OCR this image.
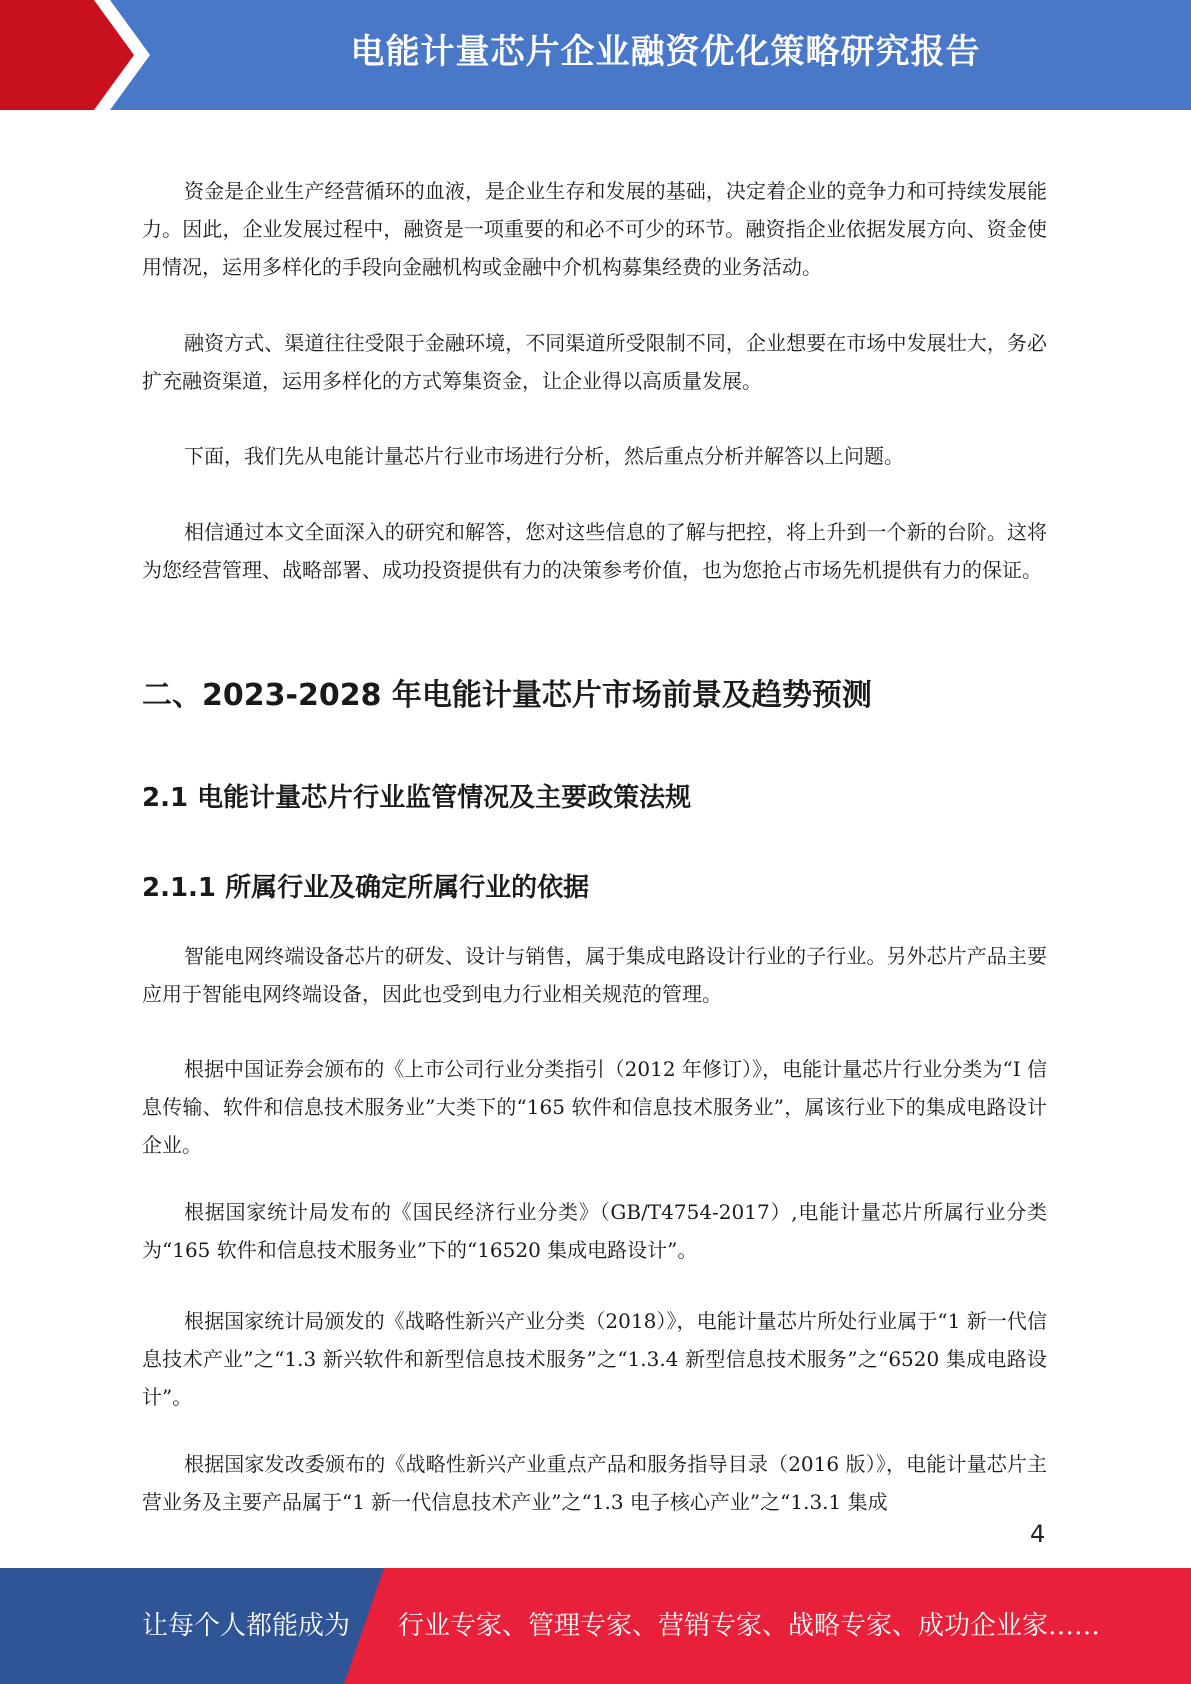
电能计量芯片企业融资优化策略研究报告

资金是企业生产经营循环的血液，是企业生存和发展的基础，决定着企业的竞争力和可持续发展能力。因此，企业发展过程中，融资是一项重要的和必不可少的环节。融资指企业依据发展方向、资金使用情况，运用多样化的手段向金融机构或金融中介机构募集经费的业务活动。

融资方式、渠道往往受限于金融环境，不同渠道所受限制不同，企业想要在市场中发展壮大，务必扩充融资渠道，运用多样化的方式筹集资金，让企业得以高质量发展。

下面，我们先从电能计量芯片行业市场进行分析，然后重点分析并解答以上问题。

相信通过本文全面深入的研究和解答，您对这些信息的了解与把控，将上升到一个新的台阶。这将为您经营管理、战略部署、成功投资提供有力的决策参考价值，也为您抢占市场先机提供有力的保证。

二、2023-2028 年电能计量芯片市场前景及趋势预测
2.1 电能计量芯片行业监管情况及主要政策法规
2.1.1 所属行业及确定所属行业的依据

智能电网终端设备芯片的研发、设计与销售，属于集成电路设计行业的子行业。另外芯片产品主要应用于智能电网终端设备，因此也受到电力行业相关规范的管理。

根据中国证券会颁布的《上市公司行业分类指引（2012 年修订）》，电能计量芯片行业分类为“I 信息传输、软件和信息技术服务业”大类下的“165 软件和信息技术服务业”，属该行业下的集成电路设计企业。

根据国家统计局发布的《国民经济行业分类》（GB/T4754-2017）,电能计量芯片所属行业分类为“165 软件和信息技术服务业”下的“16520 集成电路设计”。

根据国家统计局颁发的《战略性新兴产业分类（2018）》，电能计量芯片所处行业属于“1 新一代信息技术产业”之“1.3 新兴软件和新型信息技术服务”之“1.3.4 新型信息技术服务”之“6520 集成电路设计”。

根据国家发改委颁布的《战略性新兴产业重点产品和服务指导目录（2016 版）》，电能计量芯片主营业务及主要产品属于“1 新一代信息技术产业”之“1.3 电子核心产业”之“1.3.1 集成

4
让每个人都能成为 行业专家、管理专家、营销专家、战略专家、成功企业家……
